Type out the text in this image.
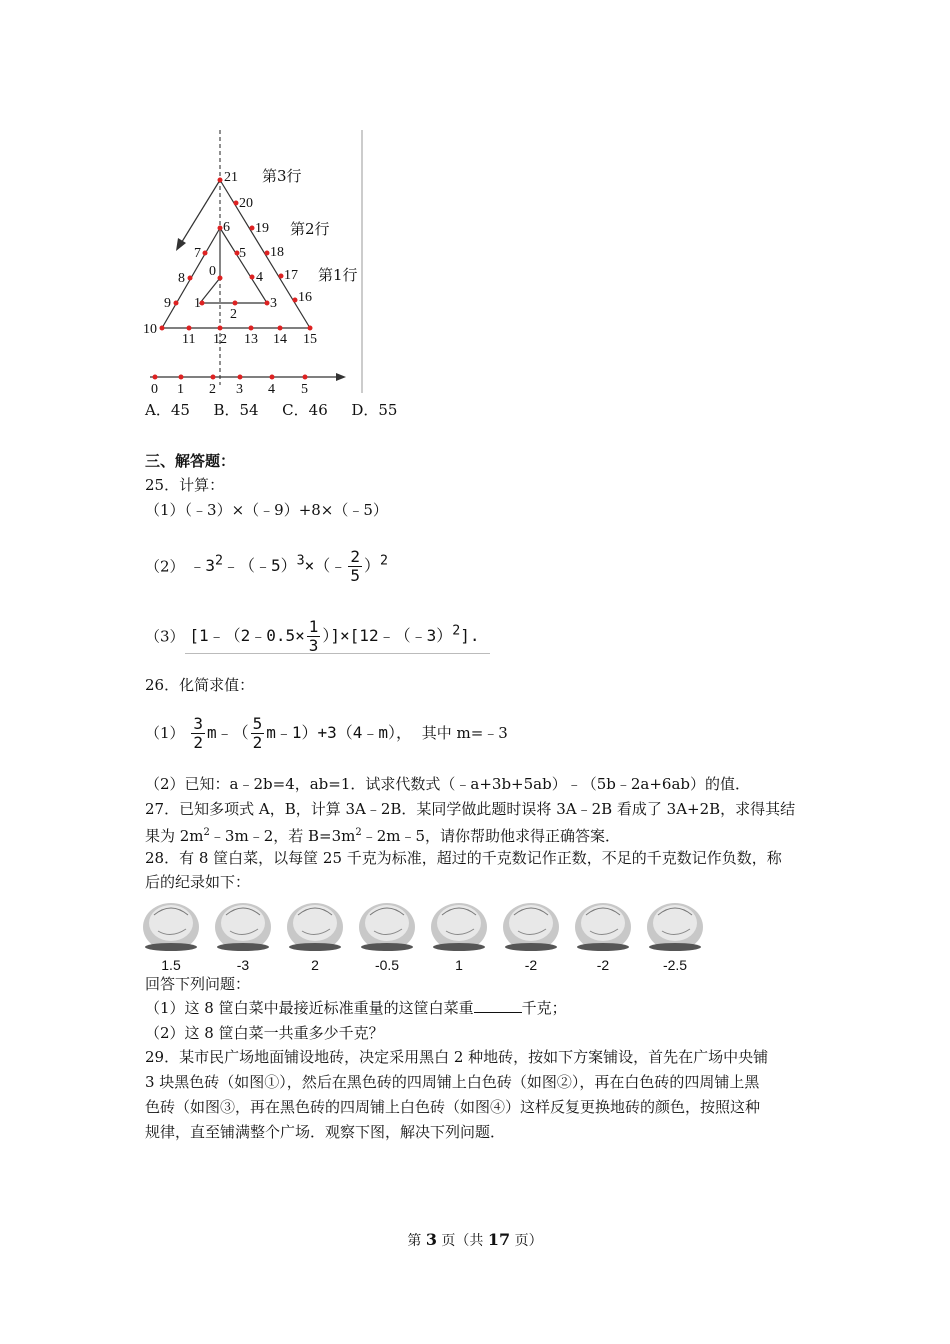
0
1
2
3
4
5
6
7
8
9
10
11 12 13 14 15
16
17
18
19
20
21 第3行
第2行
第1行
0 1 2 3 4 5
A．45 B．54 C．46 D．55
三、解答题：
25．计算：
（1）（﹣3）×（﹣9）+8×（﹣5）
（2） $﹣3^2﹣(﹣5)^3\times(﹣ \frac{2}{5} )^2$
（3） [1﹣（2﹣0.5× $\frac{1}{3}$ ）]×[12﹣（﹣3）$^2$].
26．化简求值：
$(1) \frac{3}{2}$ m﹣（ $\frac{5}{2}$ m﹣1）+3（4﹣m）， 其中 m=﹣3
（2）已知：a﹣2b=4，ab=1．试求代数式（﹣a+3b+5ab）﹣（5b﹣2a+6ab）的值．
27．已知多项式 A，B，计算 3A﹣2B．某同学做此题时误将 3A﹣2B 看成了 3A+2B，求得其结
果为 $2m^2﹣3m﹣2$，若 $B=3m^2﹣2m﹣5$，请你帮助他求得正确答案．
28．有 8 筐白菜，以每筐 25 千克为标准，超过的千克数记作正数，不足的千克数记作负数，称
后的纪录如下：
1.5	-3	2	-0.5	1	-2	-2	-2.5
回答下列问题：
（1）这 8 筐白菜中最接近标准重量的这筐白菜重	千克；
（2）这 8 筐白菜一共重多少千克？
29．某市民广场地面铺设地砖，决定采用黑白 2 种地砖，按如下方案铺设，首先在广场中央铺
3 块黑色砖（如图①），然后在黑色砖的四周铺上白色砖（如图②），再在白色砖的四周铺上黑
色砖（如图③，再在黑色砖的四周铺上白色砖（如图④）这样反复更换地砖的颜色，按照这种
规律，直至铺满整个广场．观察下图，解决下列问题．
第 3 页（共 17 页）
